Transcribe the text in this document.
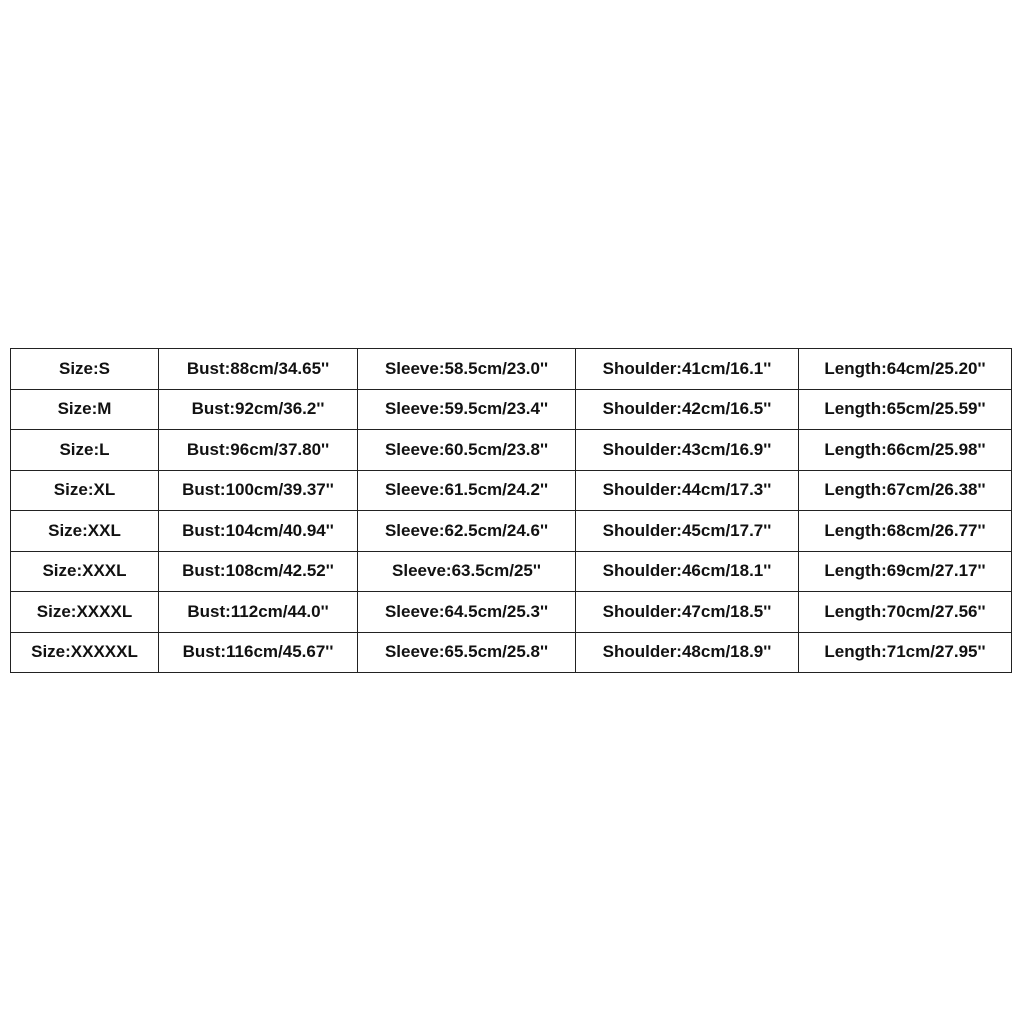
Size:S	Bust:88cm/34.65''	Sleeve:58.5cm/23.0''	Shoulder:41cm/16.1''	Length:64cm/25.20''
Size:M	Bust:92cm/36.2''	Sleeve:59.5cm/23.4''	Shoulder:42cm/16.5''	Length:65cm/25.59''
Size:L	Bust:96cm/37.80''	Sleeve:60.5cm/23.8''	Shoulder:43cm/16.9''	Length:66cm/25.98''
Size:XL	Bust:100cm/39.37''	Sleeve:61.5cm/24.2''	Shoulder:44cm/17.3''	Length:67cm/26.38''
Size:XXL	Bust:104cm/40.94''	Sleeve:62.5cm/24.6''	Shoulder:45cm/17.7''	Length:68cm/26.77''
Size:XXXL	Bust:108cm/42.52''	Sleeve:63.5cm/25''	Shoulder:46cm/18.1''	Length:69cm/27.17''
Size:XXXXL	Bust:112cm/44.0''	Sleeve:64.5cm/25.3''	Shoulder:47cm/18.5''	Length:70cm/27.56''
Size:XXXXXL	Bust:116cm/45.67''	Sleeve:65.5cm/25.8''	Shoulder:48cm/18.9''	Length:71cm/27.95''
